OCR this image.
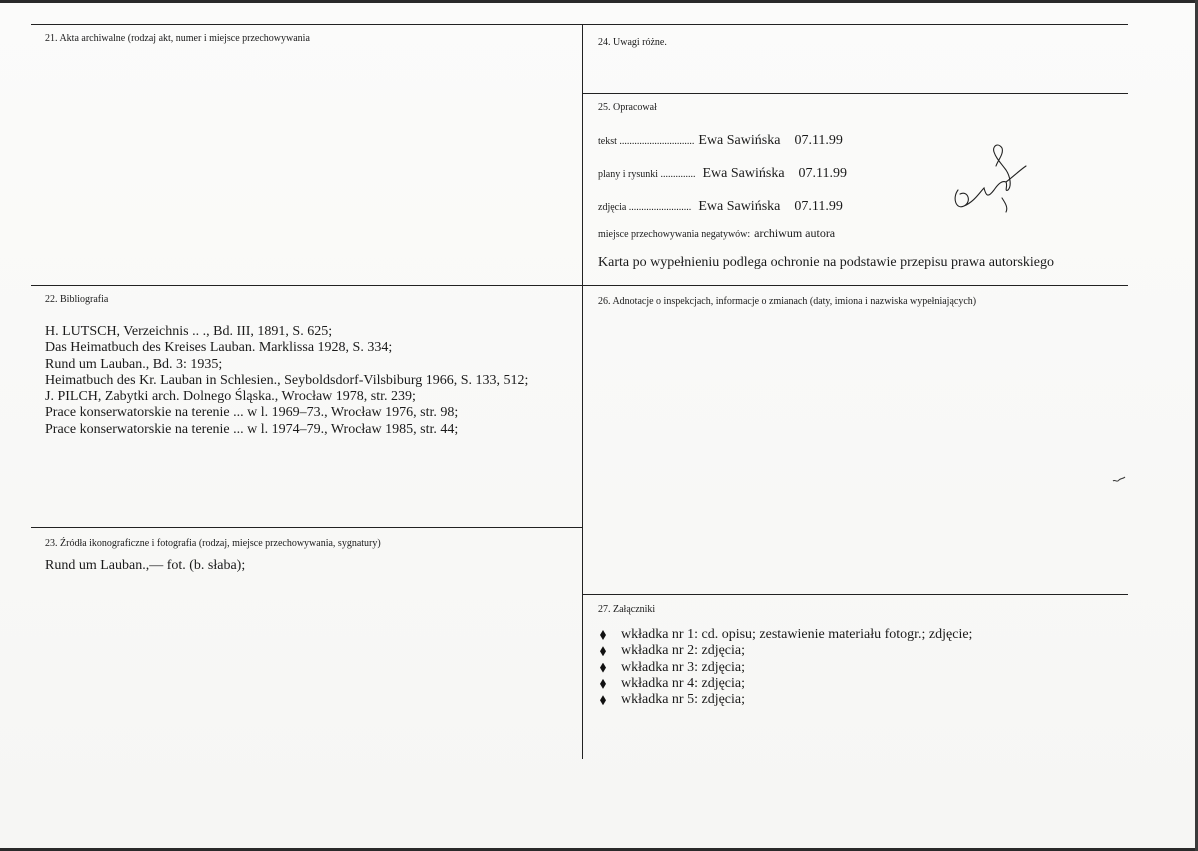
21. Akta archiwalne (rodzaj akt, numer i miejsce przechowywania	24. Uwagi różne.
25. Opracował
tekst .............................. Ewa Sawińska 07.11.99
plany i rysunki .............. Ewa Sawińska 07.11.99
zdjęcia ......................... Ewa Sawińska 07.11.99
miejsce przechowywania negatywów: archiwum autora
Karta po wypełnieniu podlega ochronie na podstawie przepisu prawa autorskiego
22. Bibliografia
H. LUTSCH, Verzeichnis .. ., Bd. III, 1891, S. 625;
Das Heimatbuch des Kreises Lauban. Marklissa 1928, S. 334;
Rund um Lauban., Bd. 3: 1935;
Heimatbuch des Kr. Lauban in Schlesien., Seyboldsdorf-Vilsbiburg 1966, S. 133, 512;
J. PILCH, Zabytki arch. Dolnego Śląska., Wrocław 1978, str. 239;
Prace konserwatorskie na terenie ... w l. 1969–73., Wrocław 1976, str. 98;
Prace konserwatorskie na terenie ... w l. 1974–79., Wrocław 1985, str. 44;
23. Źródła ikonograficzne i fotografia (rodzaj, miejsce przechowywania, sygnatury)
Rund um Lauban.,— fot. (b. słaba);
26. Adnotacje o inspekcjach, informacje o zmianach (daty, imiona i nazwiska wypełniających)
27. Załączniki
wkładka nr 1: cd. opisu; zestawienie materiału fotogr.; zdjęcie;
wkładka nr 2: zdjęcia;
wkładka nr 3: zdjęcia;
wkładka nr 4: zdjęcia;
wkładka nr 5: zdjęcia;
